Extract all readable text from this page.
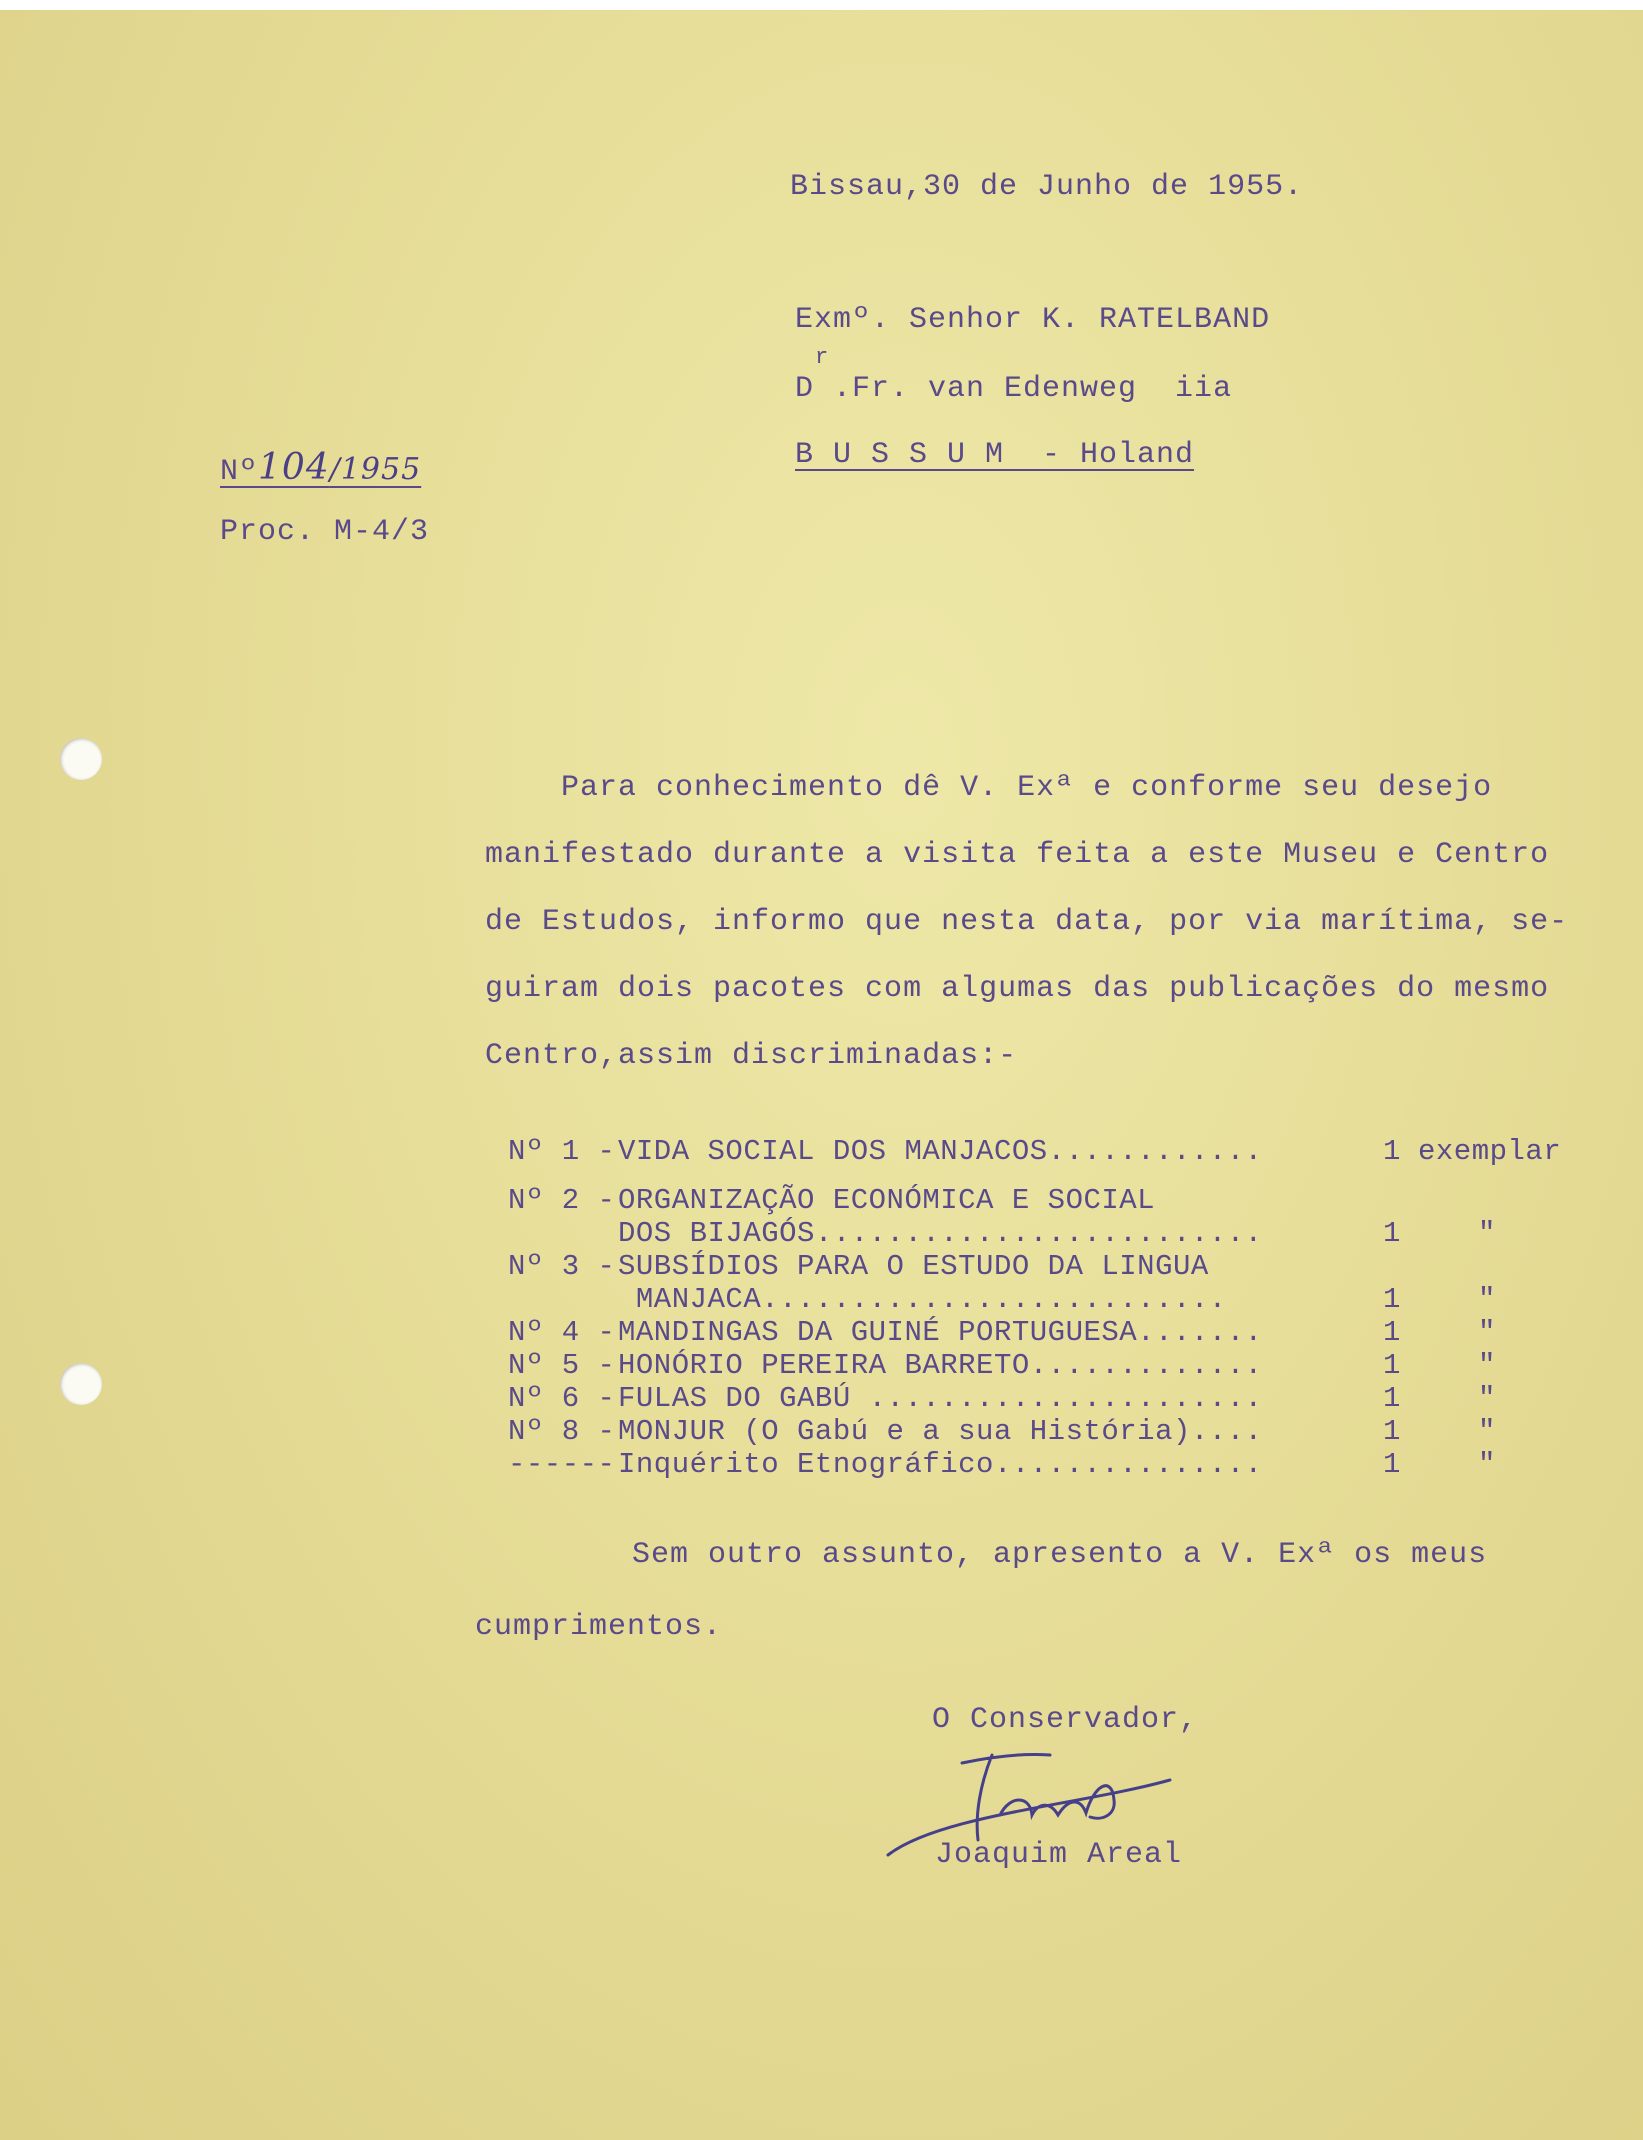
Bissau,30 de Junho de 1955.
Exmº. Senhor K. RATELBAND
r
D .Fr. van Edenweg  iia
B U S S U M  - Holand
Nº104/1955
Proc. M-4/3
Para conhecimento dê V. Exª e conforme seu desejo
manifestado durante a visita feita a este Museu e Centro
de Estudos, informo que nesta data, por via marítima, se-
guiram dois pacotes com algumas das publicações do mesmo
Centro,assim discriminadas:-
Nº 1 -VIDA SOCIAL DOS MANJACOS............	1 exemplar
Nº 2 -ORGANIZAÇÃO ECONÓMICA E SOCIAL
DOS BIJAGÓS.........................	1	"
Nº 3 -SUBSÍDIOS PARA O ESTUDO DA LINGUA
MANJACA..........................	1	"
Nº 4 -MANDINGAS DA GUINÉ PORTUGUESA.......	1	"
Nº 5 -HONÓRIO PEREIRA BARRETO.............	1	"
Nº 6 -FULAS DO GABÚ ......................	1	"
Nº 8 -MONJUR (O Gabú e a sua História)....	1	"
------Inquérito Etnográfico...............	1	"
Sem outro assunto, apresento a V. Exª os meus
cumprimentos.
O Conservador,
Joaquim Areal
